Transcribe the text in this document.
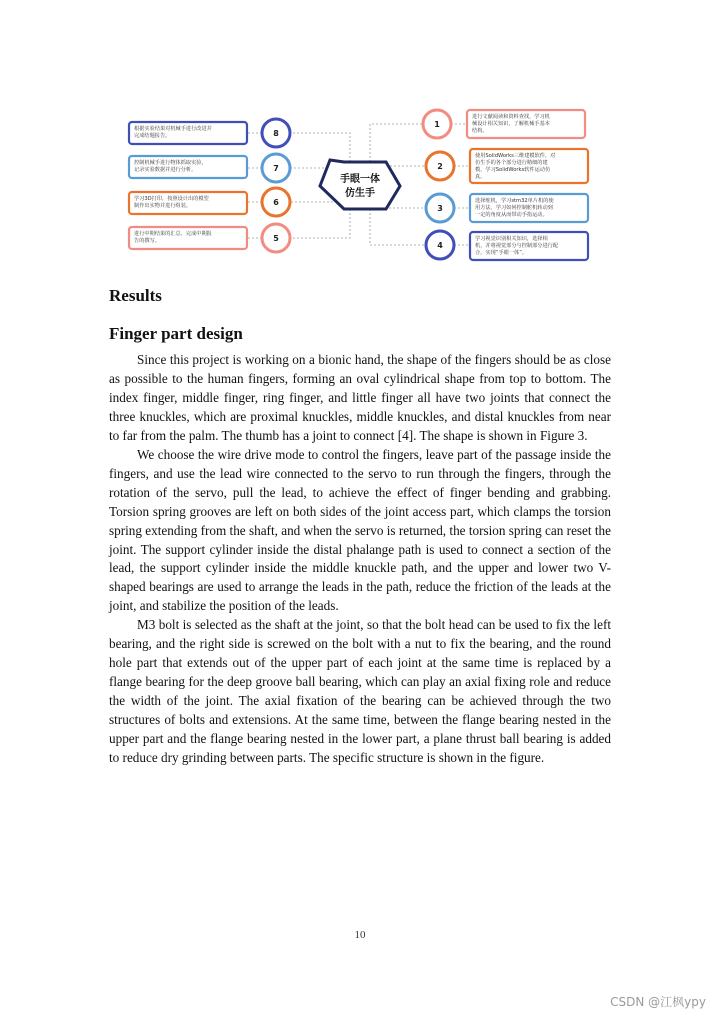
手眼一体
仿生手
进行文献阅读和资料查找，学习机
械设计相关知识，了解机械手基本
结构。
1
使用SolidWorks三维建模软件，对
仿生手的各个部分进行精细的建
模，学习SolidWorks软件运动仿
真。
2
选择舵机，学习stm32单片机的使
用方法，学习如何控制舵机转动到
一定的角度从而带动手指运动。
3
学习视觉识别相关知识，选择相
机，并将视觉部分与控制部分进行配
合，实现“手眼一体”。
4
进行中期结果的汇总，完成中期报
告的撰写。	5
学习3D打印，按照设计出的模型
制作出实物并进行组装。	6
控制机械手进行物体抓取实验，
记录实验数据并进行分析。	7
根据实验结果对机械手进行改进并
完成结题报告。	8
Results
Finger part design

Since this project is working on a bionic hand, the shape of the fingers should be as close as possible to the human fingers, forming an oval cylindrical shape from top to bottom. The index finger, middle finger, ring finger, and little finger all have two joints that connect the three knuckles, which are proximal knuckles, middle knuckles, and distal knuckles from near to far from the palm. The thumb has a joint to connect [4]. The shape is shown in Figure 3.

We choose the wire drive mode to control the fingers, leave part of the passage inside the fingers, and use the lead wire connected to the servo to run through the fingers, through the rotation of the servo, pull the lead, to achieve the effect of finger bending and grabbing. Torsion spring grooves are left on both sides of the joint access part, which clamps the torsion spring extending from the shaft, and when the servo is returned, the torsion spring can reset the joint. The support cylinder inside the distal phalange path is used to connect a section of the lead, the support cylinder inside the middle knuckle path, and the upper and lower two V-shaped bearings are used to arrange the leads in the path, reduce the friction of the leads at the joint, and stabilize the position of the leads.

M3 bolt is selected as the shaft at the joint, so that the bolt head can be used to fix the left bearing, and the right side is screwed on the bolt with a nut to fix the bearing, and the round hole part that extends out of the upper part of each joint at the same time is replaced by a flange bearing for the deep groove ball bearing, which can play an axial fixing role and reduce the width of the joint. The axial fixation of the bearing can be achieved through the two structures of bolts and extensions. At the same time, between the flange bearing nested in the upper part and the flange bearing nested in the lower part, a plane thrust ball bearing is added to reduce dry grinding between parts. The specific structure is shown in the figure.

10
CSDN @江枫ypy
